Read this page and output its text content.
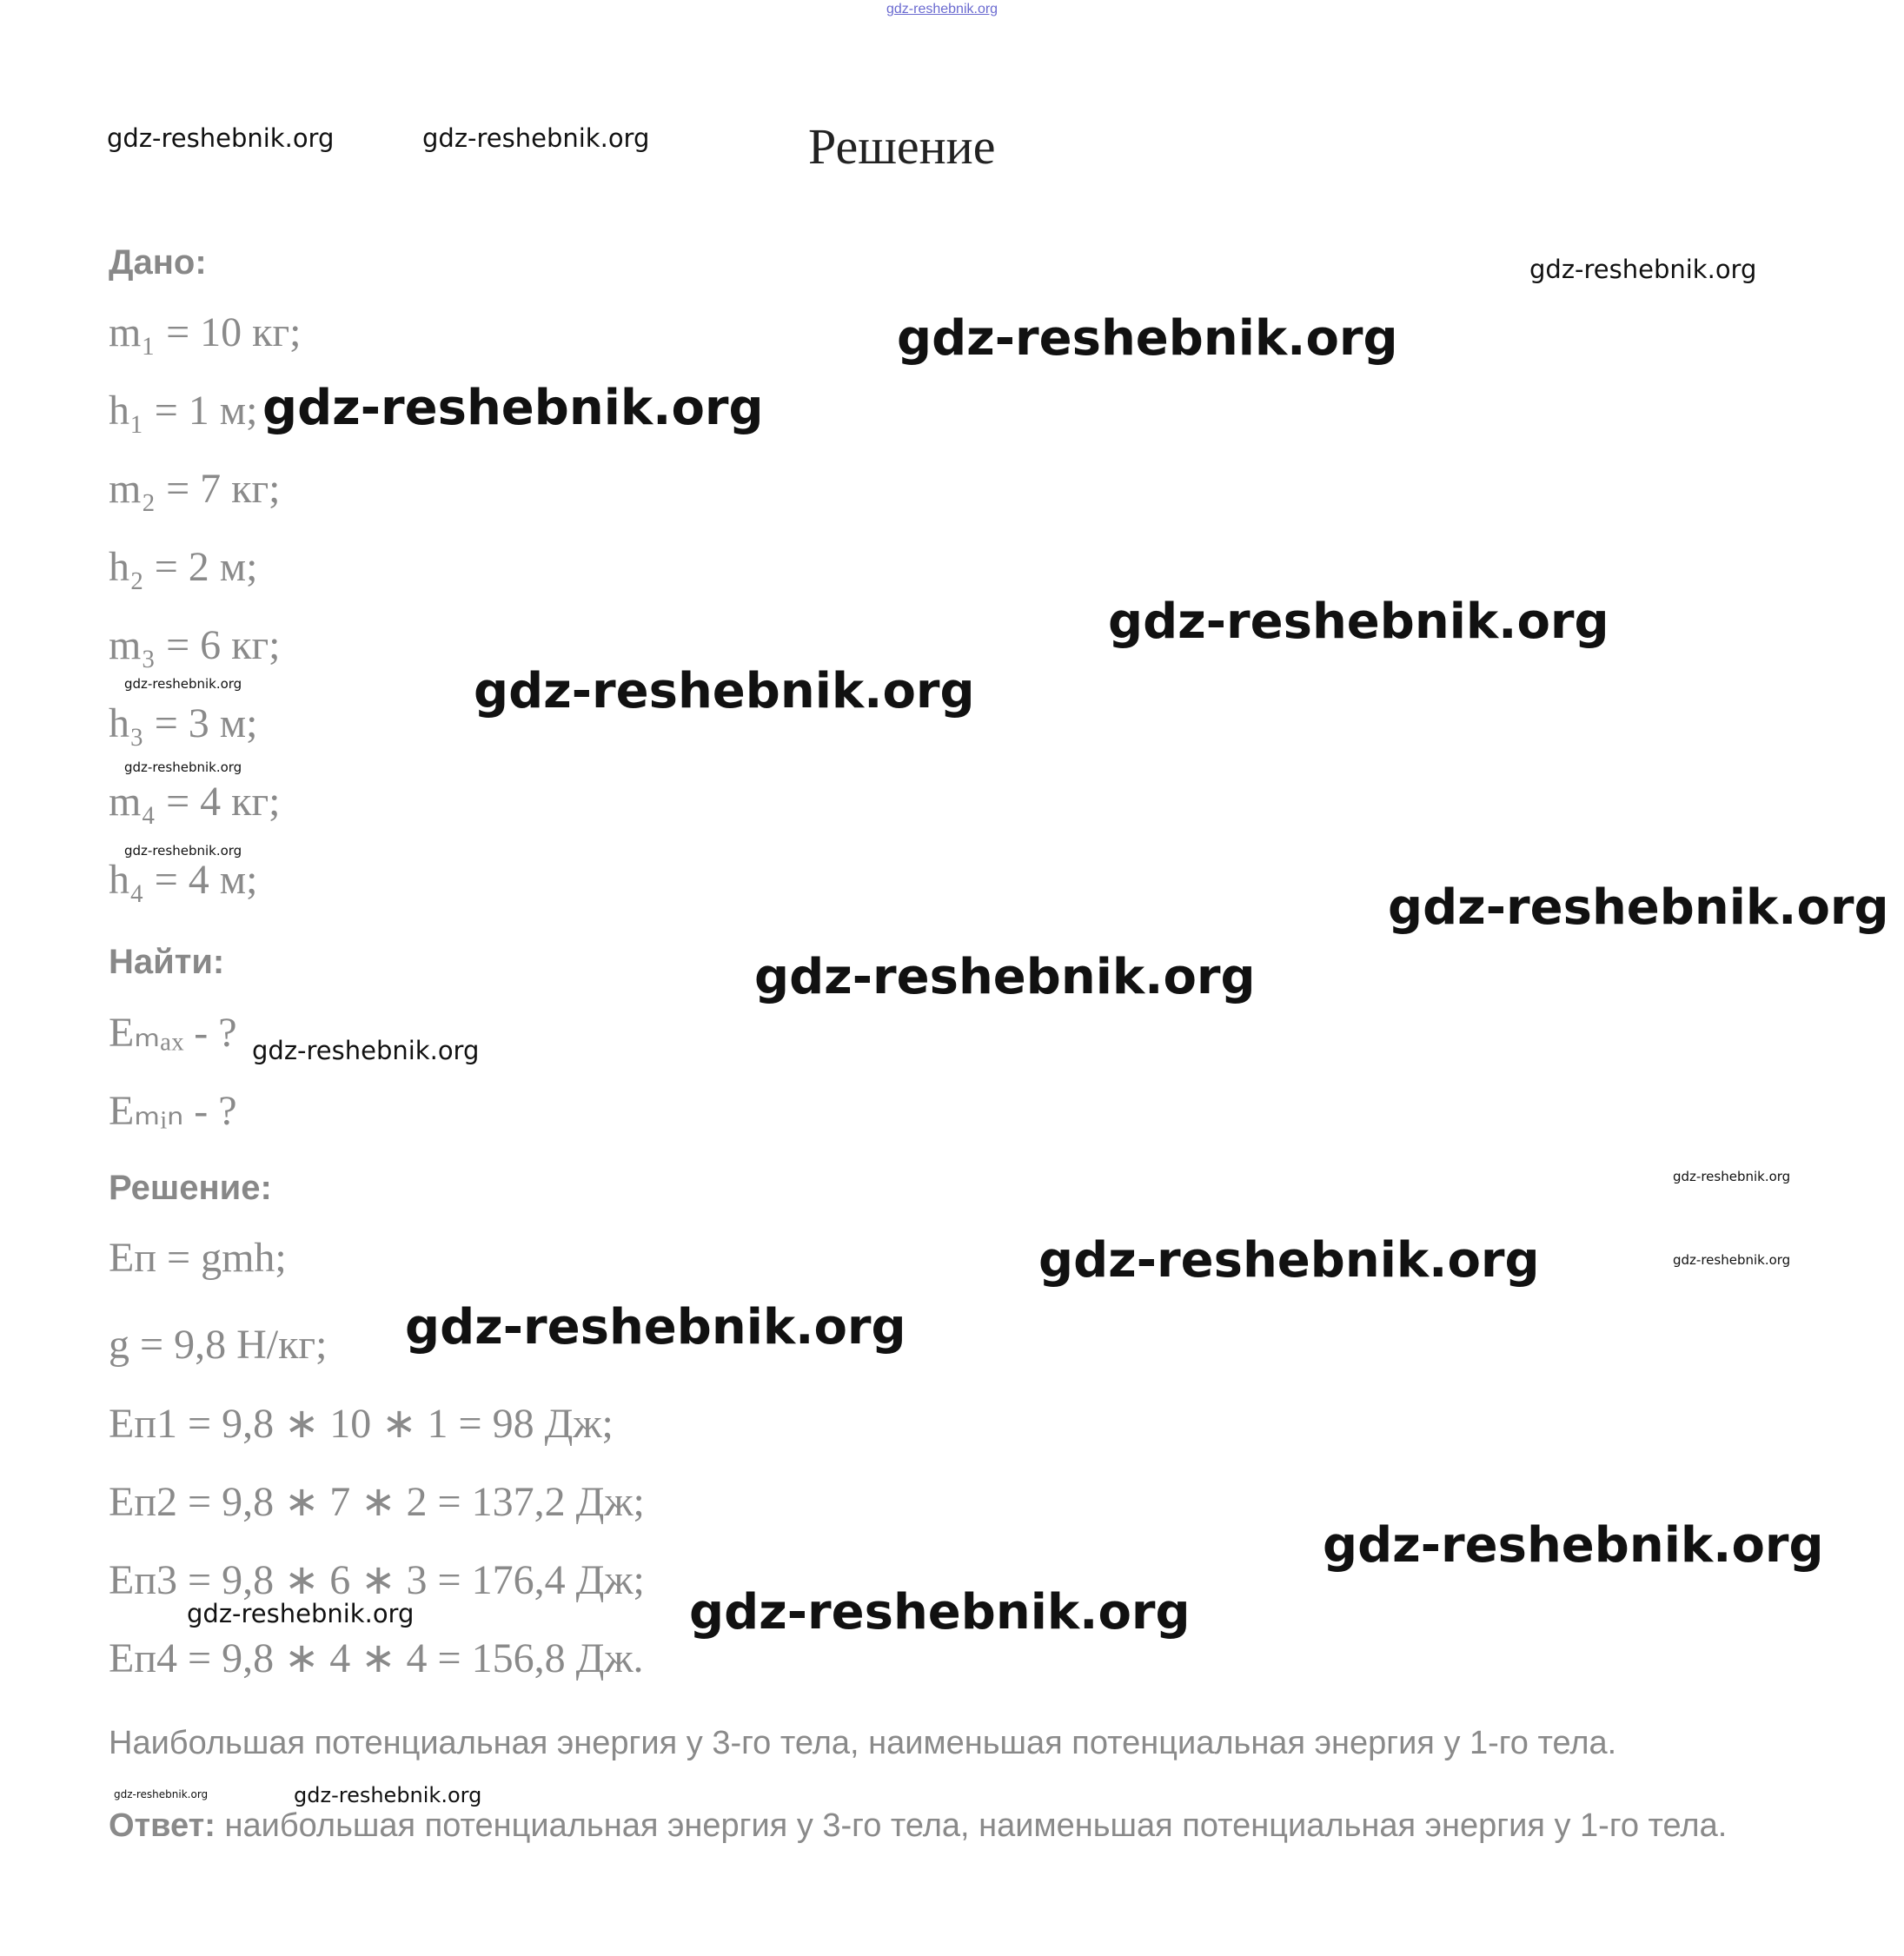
gdz-reshebnik.org
Решение
Дано:
m₁ = 10 кг;
h₁ = 1 м;
m₂ = 7 кг;
h₂ = 2 м;
m₃ = 6 кг;
h₃ = 3 м;
m₄ = 4 кг;
h₄ = 4 м;
Найти:
Eₘₐₓ - ?
Eₘᵢₙ - ?
Решение:
Eп = gmh;
g = 9,8 Н/кг;
Eп1 = 9,8 ∗ 10 ∗ 1 = 98 Дж;
Eп2 = 9,8 ∗ 7 ∗ 2 = 137,2 Дж;
Eп3 = 9,8 ∗ 6 ∗ 3 = 176,4 Дж;
Eп4 = 9,8 ∗ 4 ∗ 4 = 156,8 Дж.
Наибольшая потенциальная энергия у 3-го тела, наименьшая потенциальная энергия у 1-го тела.
Ответ: наибольшая потенциальная энергия у 3-го тела, наименьшая потенциальная энергия у 1-го тела.
gdz-reshebnik.org	gdz-reshebnik.org
gdz-reshebnik.org
gdz-reshebnik.org
gdz-reshebnik.org
gdz-reshebnik.org
gdz-reshebnik.org
gdz-reshebnik.org
gdz-reshebnik.org
gdz-reshebnik.org
gdz-reshebnik.org
gdz-reshebnik.org
gdz-reshebnik.org
gdz-reshebnik.org
gdz-reshebnik.org
gdz-reshebnik.org
gdz-reshebnik.org
gdz-reshebnik.org
gdz-reshebnik.org
gdz-reshebnik.org
gdz-reshebnik.org	gdz-reshebnik.org
